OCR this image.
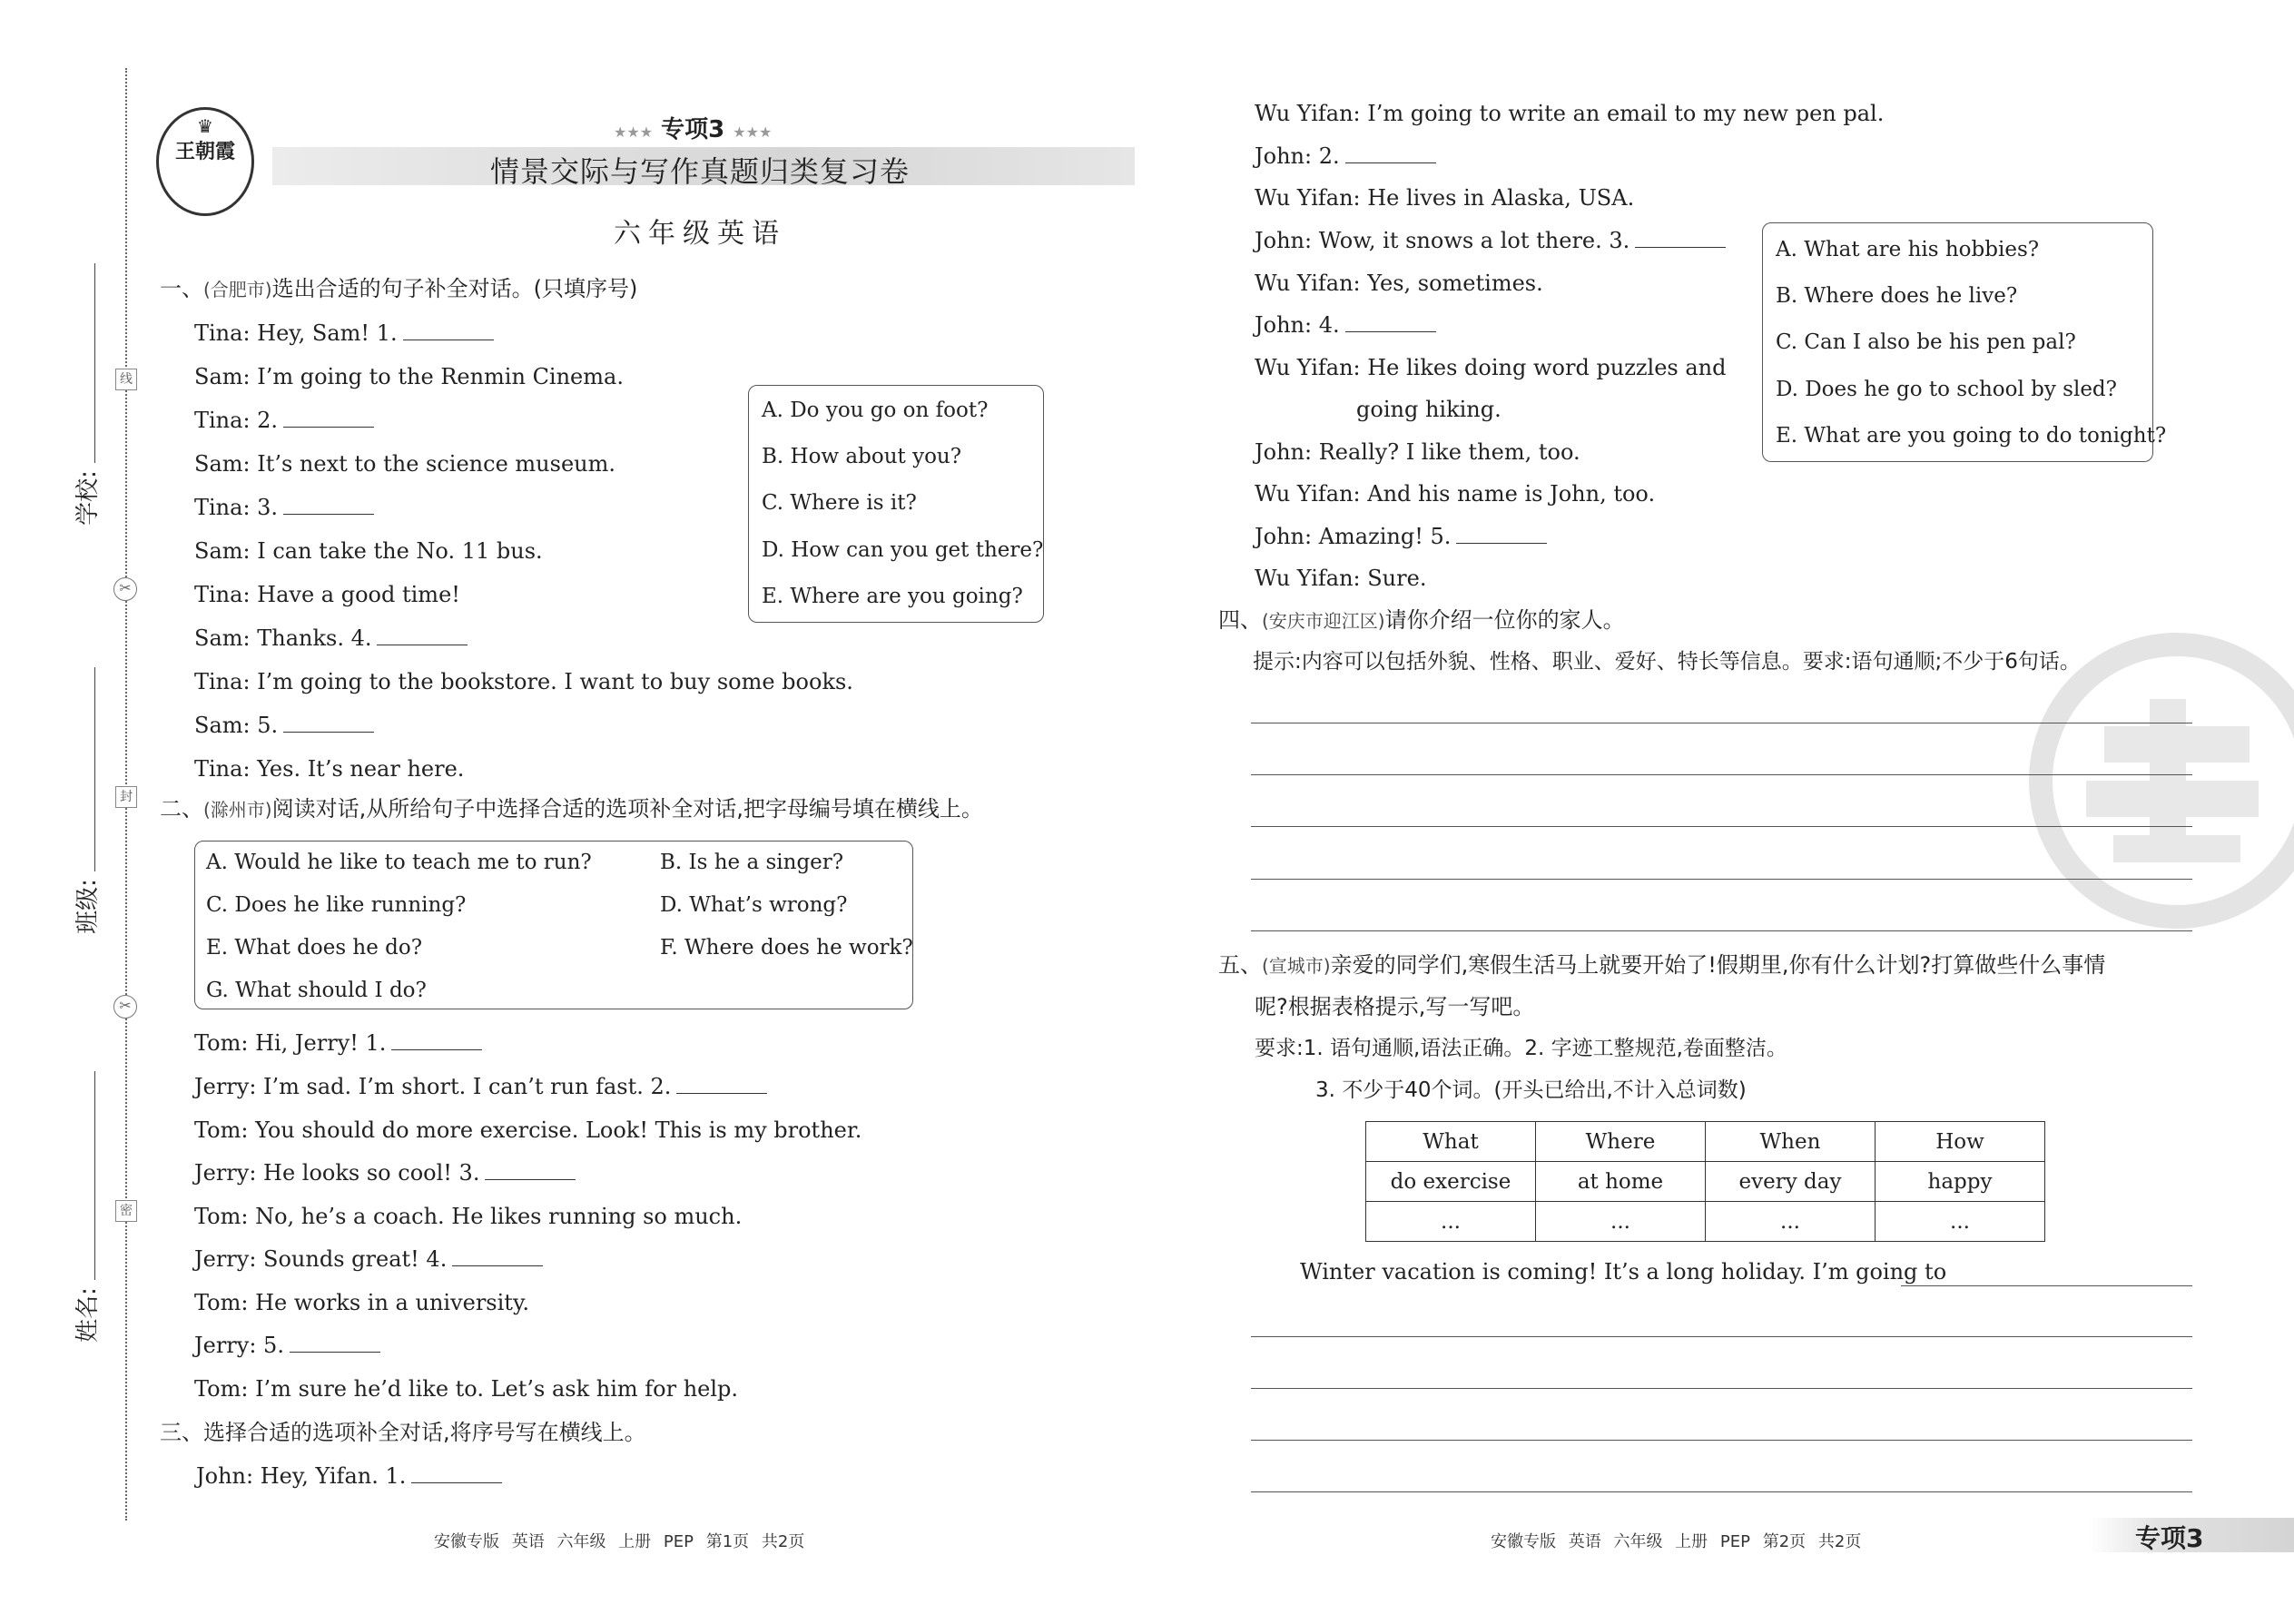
学校:
班级:
姓名:
线
封
密
✂
✂
♛
王朝霞
★★★ 专项3 ★★★
情景交际与写作真题归类复习卷
六年级英语
一、(合肥市)选出合适的句子补全对话。(只填序号)
Tina: Hey, Sam! 1.
Sam: I’m going to the Renmin Cinema.
Tina: 2.
Sam: It’s next to the science museum.
Tina: 3.
Sam: I can take the No. 11 bus.
Tina: Have a good time!
Sam: Thanks. 4.
Tina: I’m going to the bookstore. I want to buy some books.
Sam: 5.
Tina: Yes. It’s near here.
A. Do you go on foot?
B. How about you?
C. Where is it?
D. How can you get there?
E. Where are you going?
二、(滁州市)阅读对话,从所给句子中选择合适的选项补全对话,把字母编号填在横线上。
A. Would he like to teach me to run?	B. Is he a singer?
C. Does he like running?	D. What’s wrong?
E. What does he do?	F. Where does he work?
G. What should I do?
Tom: Hi, Jerry! 1.
Jerry: I’m sad. I’m short. I can’t run fast. 2.
Tom: You should do more exercise. Look! This is my brother.
Jerry: He looks so cool! 3.
Tom: No, he’s a coach. He likes running so much.
Jerry: Sounds great! 4.
Tom: He works in a university.
Jerry: 5.
Tom: I’m sure he’d like to. Let’s ask him for help.
三、选择合适的选项补全对话,将序号写在横线上。
John: Hey, Yifan. 1.
安徽专版 英语 六年级 上册 PEP 第1页 共2页
Wu Yifan: I’m going to write an email to my new pen pal.
John: 2.
Wu Yifan: He lives in Alaska, USA.
John: Wow, it snows a lot there. 3.
Wu Yifan: Yes, sometimes.
John: 4.
Wu Yifan: He likes doing word puzzles and
going hiking.
John: Really? I like them, too.
Wu Yifan: And his name is John, too.
John: Amazing! 5.
Wu Yifan: Sure.
A. What are his hobbies?
B. Where does he live?
C. Can I also be his pen pal?
D. Does he go to school by sled?
E. What are you going to do tonight?
四、(安庆市迎江区)请你介绍一位你的家人。
提示:内容可以包括外貌、性格、职业、爱好、特长等信息。要求:语句通顺;不少于6句话。
五、(宣城市)亲爱的同学们,寒假生活马上就要开始了!假期里,你有什么计划?打算做些什么事情
呢?根据表格提示,写一写吧。
要求:1. 语句通顺,语法正确。2. 字迹工整规范,卷面整洁。
3. 不少于40个词。(开头已给出,不计入总词数)
What	Where	When	How
do exercise	at home	every day	happy
...	...	...	...
Winter vacation is coming! It’s a long holiday. I’m going to
安徽专版 英语 六年级 上册 PEP 第2页 共2页	专项3
